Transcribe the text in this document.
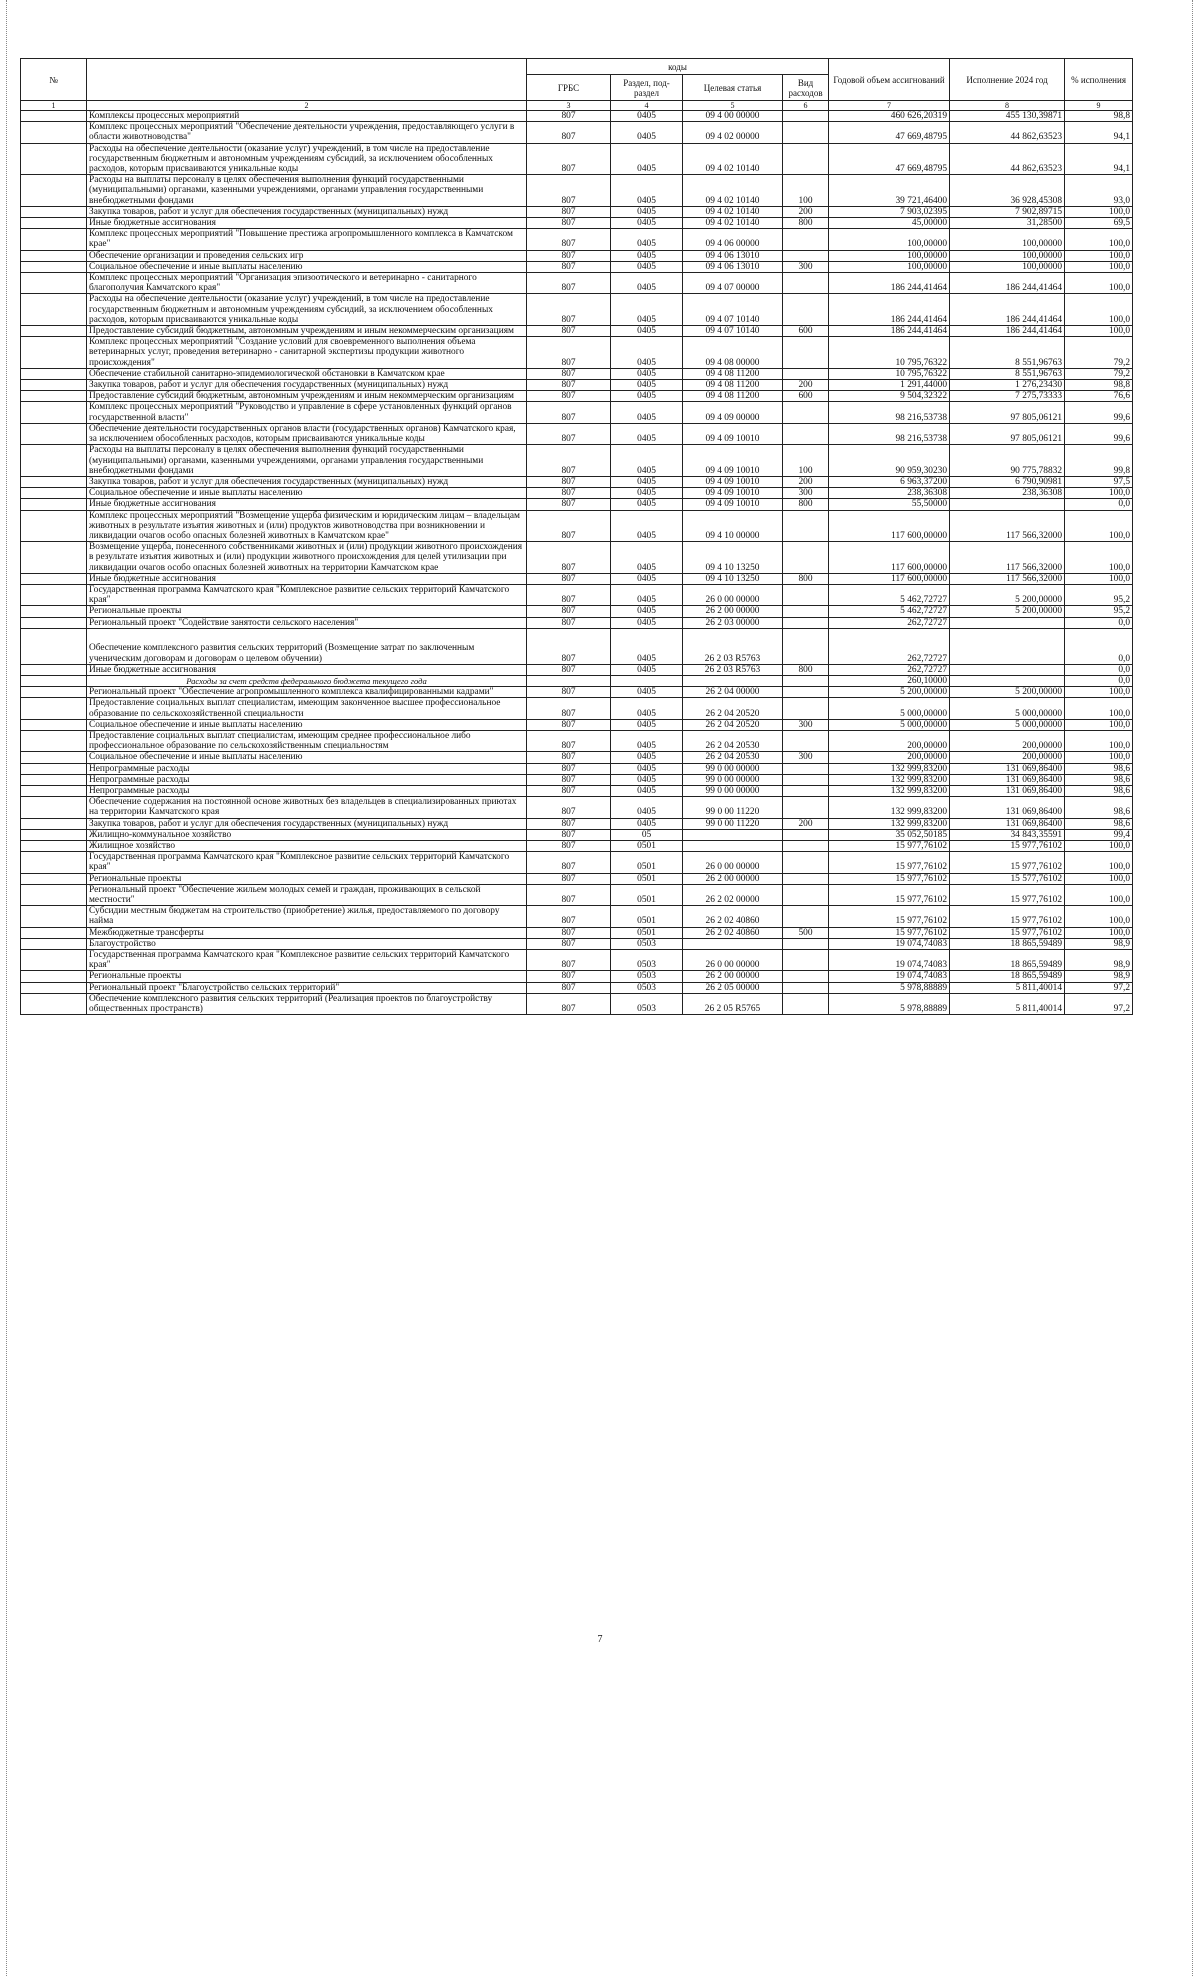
№		коды				Годовой объем ассигнований	Исполнение 2024 год	% исполнения
		ГРБС	Раздел, под-раздел	Целевая статья	Вид расходов			
1	2	3	4	5	6	7	8	9
	Комплексы процессных мероприятий	807	0405	09 4 00 00000		460 626,20319	455 130,39871	98,8
	Комплекс процессных мероприятий "Обеспечение деятельности учреждения, предоставляющего услуги в области животноводства"	807	0405	09 4 02 00000		47 669,48795	44 862,63523	94,1
	Расходы на обеспечение деятельности (оказание услуг) учреждений, в том числе на предоставление государственным бюджетным и автономным учреждениям субсидий, за исключением обособленных расходов, которым присваиваются уникальные коды	807	0405	09 4 02 10140		47 669,48795	44 862,63523	94,1
	Расходы на выплаты персоналу в целях обеспечения выполнения функций государственными (муниципальными) органами, казенными учреждениями, органами управления государственными внебюджетными фондами	807	0405	09 4 02 10140	100	39 721,46400	36 928,45308	93,0
	Закупка товаров, работ и услуг для обеспечения государственных (муниципальных) нужд	807	0405	09 4 02 10140	200	7 903,02395	7 902,89715	100,0
	Иные бюджетные ассигнования	807	0405	09 4 02 10140	800	45,00000	31,28500	69,5
	Комплекс процессных мероприятий "Повышение престижа агропромышленного комплекса в Камчатском крае"	807	0405	09 4 06 00000		100,00000	100,00000	100,0
	Обеспечение организации и проведения сельских игр	807	0405	09 4 06 13010		100,00000	100,00000	100,0
	Социальное обеспечение и иные выплаты населению	807	0405	09 4 06 13010	300	100,00000	100,00000	100,0
	Комплекс процессных мероприятий "Организация эпизоотического и ветеринарно - санитарного благополучия Камчатского края"	807	0405	09 4 07 00000		186 244,41464	186 244,41464	100,0
	Расходы на обеспечение деятельности (оказание услуг) учреждений, в том числе на предоставление государственным бюджетным и автономным учреждениям субсидий, за исключением обособленных расходов, которым присваиваются уникальные коды	807	0405	09 4 07 10140		186 244,41464	186 244,41464	100,0
	Предоставление субсидий бюджетным, автономным учреждениям и иным некоммерческим организациям	807	0405	09 4 07 10140	600	186 244,41464	186 244,41464	100,0
	Комплекс процессных мероприятий "Создание условий для своевременного выполнения объема ветеринарных услуг, проведения ветеринарно - санитарной экспертизы продукции животного происхождения"	807	0405	09 4 08 00000		10 795,76322	8 551,96763	79,2
	Обеспечение стабильной санитарно-эпидемиологической обстановки в Камчатском крае	807	0405	09 4 08 11200		10 795,76322	8 551,96763	79,2
	Закупка товаров, работ и услуг для обеспечения государственных (муниципальных) нужд	807	0405	09 4 08 11200	200	1 291,44000	1 276,23430	98,8
	Предоставление субсидий бюджетным, автономным учреждениям и иным некоммерческим организациям	807	0405	09 4 08 11200	600	9 504,32322	7 275,73333	76,6
	Комплекс процессных мероприятий "Руководство и управление в сфере установленных функций органов государственной власти"	807	0405	09 4 09 00000		98 216,53738	97 805,06121	99,6
	Обеспечение деятельности государственных органов власти (государственных органов) Камчатского края, за исключением обособленных расходов, которым присваиваются уникальные коды	807	0405	09 4 09 10010		98 216,53738	97 805,06121	99,6
	Расходы на выплаты персоналу в целях обеспечения выполнения функций государственными (муниципальными) органами, казенными учреждениями, органами управления государственными внебюджетными фондами	807	0405	09 4 09 10010	100	90 959,30230	90 775,78832	99,8
	Закупка товаров, работ и услуг для обеспечения государственных (муниципальных) нужд	807	0405	09 4 09 10010	200	6 963,37200	6 790,90981	97,5
	Социальное обеспечение и иные выплаты населению	807	0405	09 4 09 10010	300	238,36308	238,36308	100,0
	Иные бюджетные ассигнования	807	0405	09 4 09 10010	800	55,50000		0,0
	Комплекс процессных мероприятий "Возмещение ущерба физическим и юридическим лицам – владельцам животных в результате изъятия животных и (или) продуктов животноводства при возникновении и ликвидации очагов особо опасных болезней животных в Камчатском крае"	807	0405	09 4 10 00000		117 600,00000	117 566,32000	100,0
	Возмещение ущерба, понесенного собственниками животных и (или) продукции животного происхождения в результате изъятия животных и (или) продукции животного происхождения для целей утилизации при ликвидации очагов особо опасных болезней животных на территории Камчатском крае	807	0405	09 4 10 13250		117 600,00000	117 566,32000	100,0
	Иные бюджетные ассигнования	807	0405	09 4 10 13250	800	117 600,00000	117 566,32000	100,0
	Государственная программа Камчатского края "Комплексное развитие сельских территорий Камчатского края"	807	0405	26 0 00 00000		5 462,72727	5 200,00000	95,2
	Региональные проекты	807	0405	26 2 00 00000		5 462,72727	5 200,00000	95,2
	Региональный проект "Содействие занятости сельского населения"	807	0405	26 2 03 00000		262,72727		0,0
	Обеспечение комплексного развития сельских территорий (Возмещение затрат по заключенным ученическим договорам и договорам о целевом обучении)	807	0405	26 2 03 R5763		262,72727		0,0
	Иные бюджетные ассигнования	807	0405	26 2 03 R5763	800	262,72727		0,0
	Расходы за счет средств федерального бюджета текущего года					260,10000		0,0
	Региональный проект "Обеспечение агропромышленного комплекса квалифицированными кадрами"	807	0405	26 2 04 00000		5 200,00000	5 200,00000	100,0
	Предоставление социальных выплат специалистам, имеющим законченное высшее профессиональное образование по сельскохозяйственной специальности	807	0405	26 2 04 20520		5 000,00000	5 000,00000	100,0
	Социальное обеспечение и иные выплаты населению	807	0405	26 2 04 20520	300	5 000,00000	5 000,00000	100,0
	Предоставление социальных выплат специалистам, имеющим среднее профессиональное либо профессиональное образование по сельскохозяйственным специальностям	807	0405	26 2 04 20530		200,00000	200,00000	100,0
	Социальное обеспечение и иные выплаты населению	807	0405	26 2 04 20530	300	200,00000	200,00000	100,0
	Непрограммные расходы	807	0405	99 0 00 00000		132 999,83200	131 069,86400	98,6
	Непрограммные расходы	807	0405	99 0 00 00000		132 999,83200	131 069,86400	98,6
	Непрограммные расходы	807	0405	99 0 00 00000		132 999,83200	131 069,86400	98,6
	Обеспечение содержания на постоянной основе животных без владельцев в специализированных приютах на территории Камчатского края	807	0405	99 0 00 11220		132 999,83200	131 069,86400	98,6
	Закупка товаров, работ и услуг для обеспечения государственных (муниципальных) нужд	807	0405	99 0 00 11220	200	132 999,83200	131 069,86400	98,6
	Жилищно-коммунальное хозяйство	807	05			35 052,50185	34 843,35591	99,4
	Жилищное хозяйство	807	0501			15 977,76102	15 977,76102	100,0
	Государственная программа Камчатского края "Комплексное развитие сельских территорий Камчатского края"	807	0501	26 0 00 00000		15 977,76102	15 977,76102	100,0
	Региональные проекты	807	0501	26 2 00 00000		15 977,76102	15 577,76102	100,0
	Региональный проект "Обеспечение жильем молодых семей и граждан, проживающих в сельской местности"	807	0501	26 2 02 00000		15 977,76102	15 977,76102	100,0
	Субсидии местным бюджетам на строительство (приобретение) жилья, предоставляемого по договору найма	807	0501	26 2 02 40860		15 977,76102	15 977,76102	100,0
	Межбюджетные трансферты	807	0501	26 2 02 40860	500	15 977,76102	15 977,76102	100,0
	Благоустройство	807	0503			19 074,74083	18 865,59489	98,9
	Государственная программа Камчатского края "Комплексное развитие сельских территорий Камчатского края"	807	0503	26 0 00 00000		19 074,74083	18 865,59489	98,9
	Региональные проекты	807	0503	26 2 00 00000		19 074,74083	18 865,59489	98,9
	Региональный проект "Благоустройство сельских территорий"	807	0503	26 2 05 00000		5 978,88889	5 811,40014	97,2
	Обеспечение комплексного развития сельских территорий (Реализация проектов по благоустройству общественных пространств)	807	0503	26 2 05 R5765		5 978,88889	5 811,40014	97,2
7
